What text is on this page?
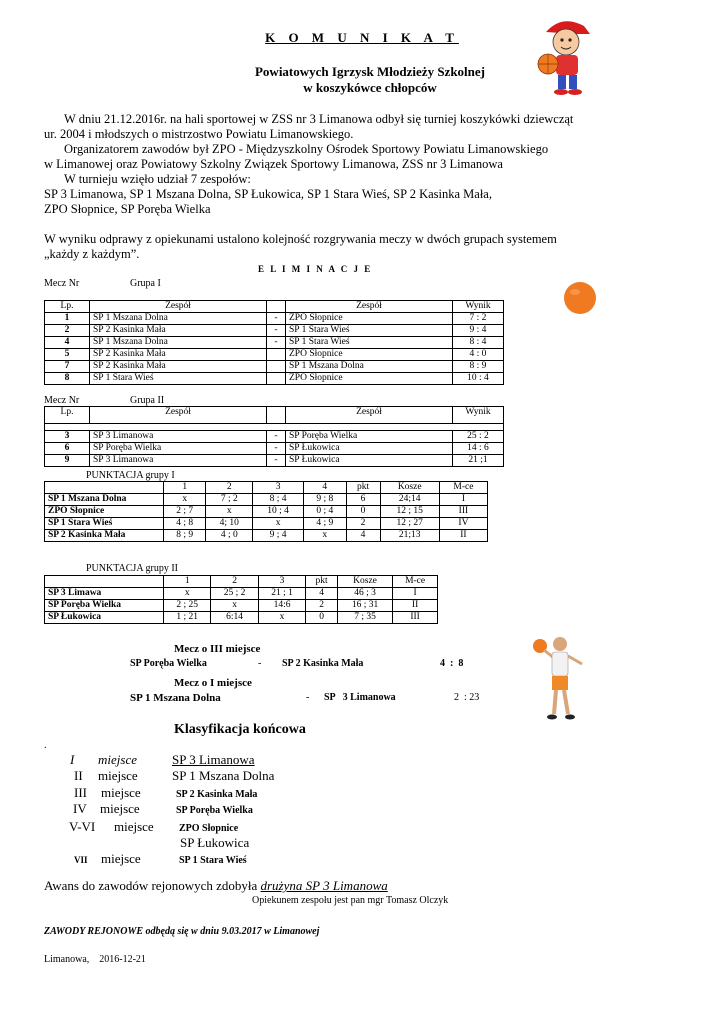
K O M U N I K A T
Powiatowych Igrzysk Młodzieży Szkolnej
w koszykówce chłopców

W dniu 21.12.2016r. na hali sportowej w ZSS nr 3 Limanowa odbył się turniej koszykówki dziewcząt

ur. 2004 i młodszych o mistrzostwo Powiatu Limanowskiego.

Organizatorem zawodów był ZPO - Międzyszkolny Ośrodek Sportowy Powiatu Limanowskiego

w Limanowej oraz Powiatowy Szkolny Związek Sportowy Limanowa, ZSS nr 3 Limanowa

W turnieju wzięło udział 7 zespołów:

SP 3 Limanowa, SP 1 Mszana Dolna, SP Łukowica, SP 1 Stara Wieś, SP 2 Kasinka Mała,

ZPO Słopnice, SP Poręba Wielka

W wyniku odprawy z opiekunami ustalono kolejność rozgrywania meczy w dwóch grupach systemem

„każdy z każdym”.

E L I M I N A C J E
Mecz Nr	Grupa I
Lp.	Zespół		Zespół	Wynik
1	SP 1 Mszana Dolna	-	ZPO Słopnice	7 : 2
2	SP 2 Kasinka Mała	-	SP 1 Stara Wieś	9 : 4
4	SP 1 Mszana Dolna	-	SP 1 Stara Wieś	8 : 4
5	SP 2 Kasinka Mała		ZPO Słopnice	4 : 0
7	SP 2 Kasinka Mała		SP 1 Mszana Dolna	8 : 9
8	SP 1 Stara Wieś		ZPO Słopnice	10 : 4
Mecz Nr	Grupa II
Lp.	Zespół		Zespół	Wynik

3	SP 3 Limanowa	-	SP Poręba Wielka	25 : 2
6	SP Poręba Wielka	-	SP Łukowica	14 : 6
9	SP 3 Limanowa	-	SP Łukowica	21 ;1
PUNKTACJA grupy I
	1	2	3	4	pkt	Kosze	M-ce
SP 1 Mszana Dolna	x	7 ; 2	8 ; 4	9 ; 8	6	24;14	I
ZPO Słopnice	2 ; 7	x	10 ; 4	0 ; 4	0	12 ; 15	III
SP 1 Stara Wieś	4 ; 8	4; 10	x	4 ; 9	2	12 ; 27	IV
SP 2 Kasinka Mała	8 ; 9	4 ; 0	9 ; 4	x	4	21;13	II
PUNKTACJA grupy II
	1	2	3	pkt	Kosze	M-ce
SP 3 Limawa	x	25 ; 2	21 ; 1	4	46 ; 3	I
SP Poręba Wielka	2 ; 25	x	14:6	2	16 ; 31	II
SP Łukowica	1 ; 21	6:14	x	0	7 ; 35	III
Mecz o III miejsce
SP Poręba Wielka	- SP 2 Kasinka Mała	4  :  8
Mecz o I miejsce
SP 1 Mszana Dolna	- SP   3 Limanowa	2  : 23
Klasyfikacja końcowa
.
I miejsce	SP 3 Limanowa
II miejsce	SP 1 Mszana Dolna
III miejsce	SP 2 Kasinka Mała
IV miejsce	SP Poręba Wielka
V-VI miejsce	ZPO Słopnice
SP Łukowica
VII miejsce	SP 1 Stara Wieś
Awans do zawodów rejonowych zdobyła drużyna SP 3 Limanowa
Opiekunem zespołu jest pan mgr Tomasz Olczyk
ZAWODY REJONOWE odbędą się w dniu 9.03.2017 w Limanowej
Limanowa,    2016-12-21
